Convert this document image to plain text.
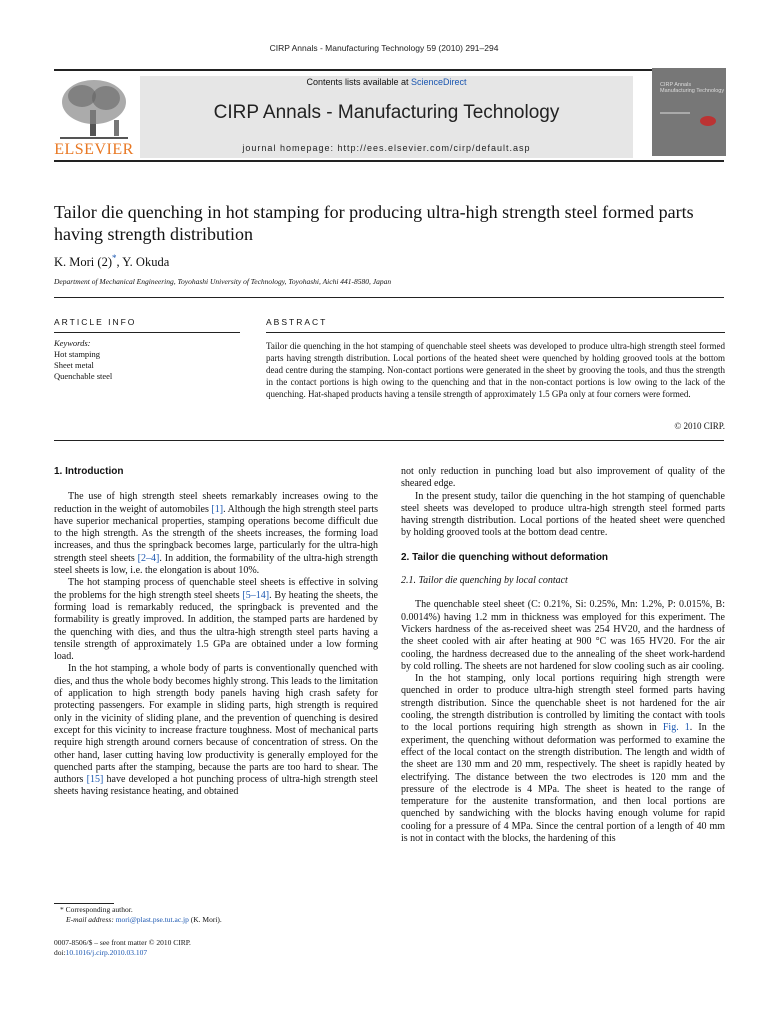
CIRP Annals - Manufacturing Technology 59 (2010) 291–294
ELSEVIER
Contents lists available at ScienceDirect
CIRP Annals - Manufacturing Technology
journal homepage: http://ees.elsevier.com/cirp/default.asp
CIRP Annals Manufacturing Technology
Tailor die quenching in hot stamping for producing ultra-high strength steel formed parts having strength distribution
K. Mori (2)*, Y. Okuda
Department of Mechanical Engineering, Toyohashi University of Technology, Toyohashi, Aichi 441-8580, Japan
ARTICLE INFO	ABSTRACT
Keywords:
Hot stamping
Sheet metal
Quenchable steel
Tailor die quenching in the hot stamping of quenchable steel sheets was developed to produce ultra-high strength steel formed parts having strength distribution. Local portions of the heated sheet were quenched by holding grooved tools at the bottom dead centre during the stamping. Non-contact portions were generated in the sheet by grooving the tools, and thus the strength in the contact portions is high owing to the quenching and that in the non-contact portions is low owing to the lack of the quenching. Hat-shaped products having a tensile strength of approximately 1.5 GPa only at four corners were formed.
© 2010 CIRP.

1. Introduction

The use of high strength steel sheets remarkably increases owing to the reduction in the weight of automobiles [1]. Although the high strength steel parts have superior mechanical properties, stamping operations become difficult due to the high strength. As the strength of the sheets increases, the forming load increases, and thus the springback becomes large, particularly for the ultra-high strength steel sheets [2–4]. In addition, the formability of the ultra-high strength steel sheets is low, i.e. the elongation is about 10%.

The hot stamping process of quenchable steel sheets is effective in solving the problems for the high strength steel sheets [5–14]. By heating the sheets, the forming load is remarkably reduced, the springback is prevented and the formability is greatly improved. In addition, the stamped parts are hardened by the quenching with dies, and thus the ultra-high strength steel parts having a tensile strength of approximately 1.5 GPa are obtained under a low forming load.

In the hot stamping, a whole body of parts is conventionally quenched with dies, and thus the whole body becomes highly strong. This leads to the limitation of application to high strength body panels having high crash safety for protecting passengers. For example in sliding parts, high strength is required only in the vicinity of sliding plane, and the prevention of quenching is desired except for this vicinity to increase fracture toughness. Most of mechanical parts require high strength around corners because of concentration of stress. On the other hand, laser cutting having low productivity is generally employed for the quenched parts after the stamping, because the parts are too hard to shear. The authors [15] have developed a hot punching process of ultra-high strength steel sheets having resistance heating, and obtained

* Corresponding author.
E-mail address: mori@plast.pse.tut.ac.jp (K. Mori).
0007-8506/$ – see front matter © 2010 CIRP.
doi:10.1016/j.cirp.2010.03.107

not only reduction in punching load but also improvement of quality of the sheared edge.

In the present study, tailor die quenching in the hot stamping of quenchable steel sheets was developed to produce ultra-high strength steel formed parts having strength distribution. Local portions of the heated sheet were quenched by holding grooved tools at the bottom dead centre.

2. Tailor die quenching without deformation

2.1. Tailor die quenching by local contact

The quenchable steel sheet (C: 0.21%, Si: 0.25%, Mn: 1.2%, P: 0.015%, B: 0.0014%) having 1.2 mm in thickness was employed for this experiment. The Vickers hardness of the as-received sheet was 254 HV20, and the hardness of the sheet cooled with air after heating at 900 °C was 165 HV20. For the air cooling, the hardness decreased due to the annealing of the sheet work-hardend by cold rolling. The sheets are not hardened for slow cooling such as air cooling.

In the hot stamping, only local portions requiring high strength were quenched in order to produce ultra-high strength steel formed parts having strength distribution. Since the quenchable sheet is not hardened for the air cooling, the strength distribution is controlled by limiting the contact with tools to the local portions requiring high strength as shown in Fig. 1. In the experiment, the quenching without deformation was performed to examine the effect of the local contact on the strength distribution. The length and width of the sheet are 130 mm and 20 mm, respectively. The sheet is rapidly heated by electrifying. The distance between the two electrodes is 120 mm and the pressure of the electrode is 4 MPa. The sheet is heated to the range of temperature for the austenite transformation, and then local portions are quenched by sandwiching with the blocks having enough volume for rapid cooling for a pressure of 4 MPa. Since the central portion of a length of 40 mm is not in contact with the blocks, the hardening of this
